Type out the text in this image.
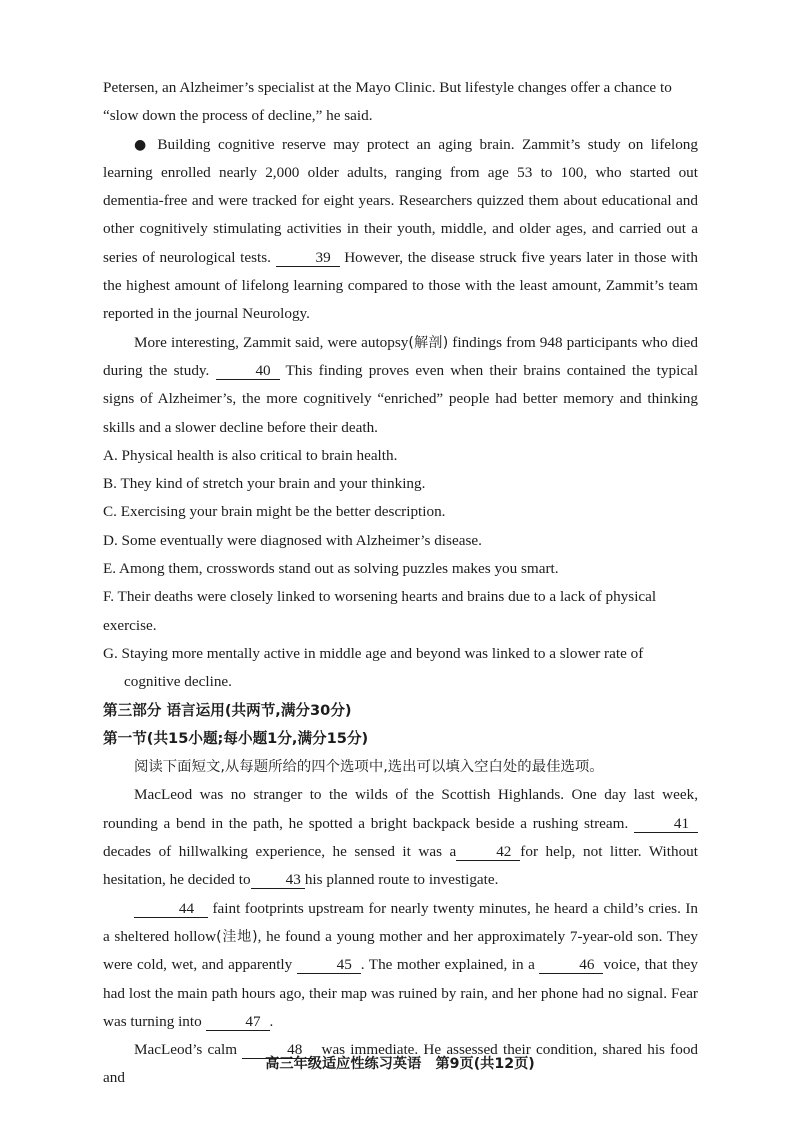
Petersen, an Alzheimer’s specialist at the Mayo Clinic. But lifestyle changes offer a chance to “slow down the process of decline,” he said.

● Building cognitive reserve may protect an aging brain. Zammit’s study on lifelong learning enrolled nearly 2,000 older adults, ranging from age 53 to 100, who started out dementia-free and were tracked for eight years. Researchers quizzed them about educational and other cognitively stimulating activities in their youth, middle, and older ages, and carried out a series of neurological tests.	39 However, the disease struck five years later in those with the highest amount of lifelong learning compared to those with the least amount, Zammit’s team reported in the journal Neurology.

More interesting, Zammit said, were autopsy(解剖) findings from 948 participants who died during the study.	40 This finding proves even when their brains contained the typical signs of Alzheimer’s, the more cognitively “enriched” people had better memory and thinking skills and a slower decline before their death.

A. Physical health is also critical to brain health.

B. They kind of stretch your brain and your thinking.

C. Exercising your brain might be the better description.

D. Some eventually were diagnosed with Alzheimer’s disease.

E. Among them, crosswords stand out as solving puzzles makes you smart.

F. Their deaths were closely linked to worsening hearts and brains due to a lack of physical exercise.

G. Staying more mentally active in middle age and beyond was linked to a slower rate of cognitive decline.

第三部分 语言运用(共两节,满分30分)

第一节(共15小题;每小题1分,满分15分)

阅读下面短文,从每题所给的四个选项中,选出可以填入空白处的最佳选项。

MacLeod was no stranger to the wilds of the Scottish Highlands. One day last week, rounding a bend in the path, he spotted a bright backpack beside a rushing stream.	41decades of hillwalking experience, he sensed it was a	42 for help, not litter. Without hesitation, he decided to 43 his planned route to investigate.

44 faint footprints upstream for nearly twenty minutes, he heard a child’s cries. In a sheltered hollow(洼地), he found a young mother and her approximately 7-year-old son. They were cold, wet, and apparently	45 . The mother explained, in a	46 voice, that they had lost the main path hours ago, their map was ruined by rain, and her phone had no signal. Fear was turning into	47 .

MacLeod’s calm	48 was immediate. He assessed their condition, shared his food and

高三年级适应性练习英语　第9页(共12页)
